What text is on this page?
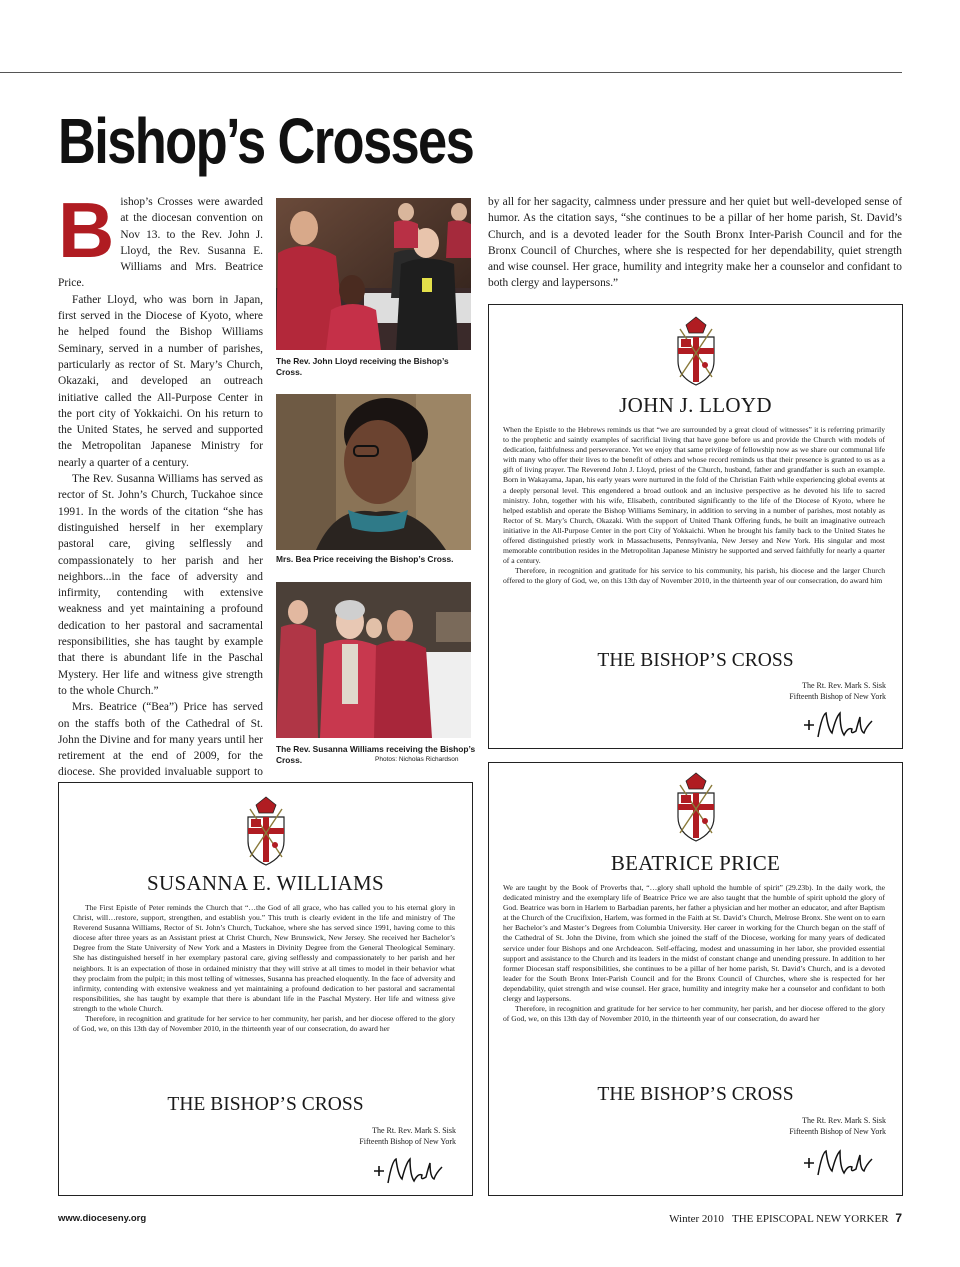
Bishop’s Crosses

Bishop’s Crosses were awarded at the diocesan convention on Nov 13. to the Rev. John J. Lloyd, the Rev. Susanna E. Williams and Mrs. Beatrice Price.

Father Lloyd, who was born in Japan, first served in the Diocese of Kyoto, where he helped found the Bishop Williams Seminary, served in a number of parishes, particularly as rector of St. Mary’s Church, Okazaki, and developed an outreach initiative called the All-Purpose Center in the port city of Yokkaichi. On his return to the United States, he served and supported the Metropolitan Japanese Ministry for nearly a quarter of a century.

The Rev. Susanna Williams has served as rector of St. John’s Church, Tuckahoe since 1991. In the words of the citation “she has distinguished herself in her exemplary pastoral care, giving selflessly and compassionately to her parish and her neighbors...in the face of adversity and infirmity, contending with extensive weakness and yet maintaining a profound dedication to her pastoral and sacramental responsibilities, she has taught by example that there is abundant life in the Paschal Mystery. Her life and witness give strength to the whole Church.”

Mrs. Beatrice (“Bea”) Price has served on the staffs both of the Cathedral of St. John the Divine and for many years until her retirement at the end of 2009, for the diocese. She provided invaluable support to

The Rev. John Lloyd receiving the Bishop’s Cross.
Mrs. Bea Price receiving the Bishop’s Cross.
The Rev. Susanna Williams receiving the Bishop’s Cross.	Photos: Nicholas Richardson

by all for her sagacity, calmness under pressure and her quiet but well-developed sense of humor. As the citation says, “she continues to be a pillar of her home parish, St. David’s Church, and is a devoted leader for the South Bronx Inter-Parish Council and for the Bronx Council of Churches, where she is respected for her dependability, quiet strength and wise counsel. Her grace, humility and integrity make her a counselor and confidant to both clergy and laypersons.”

JOHN J. LLOYD

When the Epistle to the Hebrews reminds us that “we are surrounded by a great cloud of witnesses” it is referring primarily to the prophetic and saintly examples of sacrificial living that have gone before us and provide the Church with models of dedication, faithfulness and perseverance. Yet we enjoy that same privilege of fellowship now as we share our communal life with many who offer their lives to the benefit of others and whose record reminds us that their presence is granted to us as a gift of living prayer. The Reverend John J. Lloyd, priest of the Church, husband, father and grandfather is such an example. Born in Wakayama, Japan, his early years were nurtured in the fold of the Christian Faith while experiencing global events at a deeply personal level. This engendered a broad outlook and an inclusive perspective as he devoted his life to sacred ministry. John, together with his wife, Elisabeth, contributed significantly to the life of the Diocese of Kyoto, where he helped establish and operate the Bishop Williams Seminary, in addition to serving in a number of parishes, most notably as Rector of St. Mary’s Church, Okazaki. With the support of United Thank Offering funds, he built an imaginative outreach initiative in the All-Purpose Center in the port City of Yokkaichi. When he brought his family back to the United States he offered distinguished priestly work in Massachusetts, Pennsylvania, New Jersey and New York. His singular and most memorable contribution resides in the Metropolitan Japanese Ministry he supported and served faithfully for nearly a quarter of a century.

Therefore, in recognition and gratitude for his service to his community, his parish, his diocese and the larger Church offered to the glory of God, we, on this 13th day of November 2010, in the thirteenth year of our consecration, do award him

THE BISHOP’S CROSS
The Rt. Rev. Mark S. Sisk
Fifteenth Bishop of New York
SUSANNA E. WILLIAMS

The First Epistle of Peter reminds the Church that “…the God of all grace, who has called you to his eternal glory in Christ, will…restore, support, strengthen, and establish you.” This truth is clearly evident in the life and ministry of The Reverend Susanna Williams, Rector of St. John’s Church, Tuckahoe, where she has served since 1991, having come to this diocese after three years as an Assistant priest at Christ Church, New Brunswick, New Jersey. She received her Bachelor’s Degree from the State University of New York and a Masters in Divinity Degree from the General Theological Seminary. She has distinguished herself in her exemplary pastoral care, giving selflessly and compassionately to her parish and her neighbors. It is an expectation of those in ordained ministry that they will strive at all times to model in their behavior what they proclaim from the pulpit; in this most telling of witnesses, Susanna has preached eloquently. In the face of adversity and infirmity, contending with extensive weakness and yet maintaining a profound dedication to her pastoral and sacramental responsibilities, she has taught by example that there is abundant life in the Paschal Mystery. Her life and witness give strength to the whole Church.

Therefore, in recognition and gratitude for her service to her community, her parish, and her diocese offered to the glory of God, we, on this 13th day of November 2010, in the thirteenth year of our consecration, do award her

THE BISHOP’S CROSS
The Rt. Rev. Mark S. Sisk
Fifteenth Bishop of New York
BEATRICE PRICE

We are taught by the Book of Proverbs that, “…glory shall uphold the humble of spirit” (29.23b). In the daily work, the dedicated ministry and the exemplary life of Beatrice Price we are also taught that the humble of spirit uphold the glory of God. Beatrice was born in Harlem to Barbadian parents, her father a physician and her mother an educator, and after Baptism at the Church of the Crucifixion, Harlem, was formed in the Faith at St. David’s Church, Melrose Bronx. She went on to earn her Bachelor’s and Master’s Degrees from Columbia University. Her career in working for the Church began on the staff of the Cathedral of St. John the Divine, from which she joined the staff of the Diocese, working for many years of dedicated service under four Bishops and one Archdeacon. Self-effacing, modest and unassuming in her labor, she provided essential support and assistance to the Church and its leaders in the midst of constant change and unending pressure. In addition to her former Diocesan staff responsibilities, she continues to be a pillar of her home parish, St. David’s Church, and is a devoted leader for the South Bronx Inter-Parish Council and for the Bronx Council of Churches, where she is respected for her dependability, quiet strength and wise counsel. Her grace, humility and integrity make her a counselor and confidant to both clergy and laypersons.

Therefore, in recognition and gratitude for her service to her community, her parish, and her diocese offered to the glory of God, we, on this 13th day of November 2010, in the thirteenth year of our consecration, do award her

THE BISHOP’S CROSS
The Rt. Rev. Mark S. Sisk
Fifteenth Bishop of New York
www.dioceseny.org	Winter 2010 THE EPISCOPAL NEW YORKER 7
